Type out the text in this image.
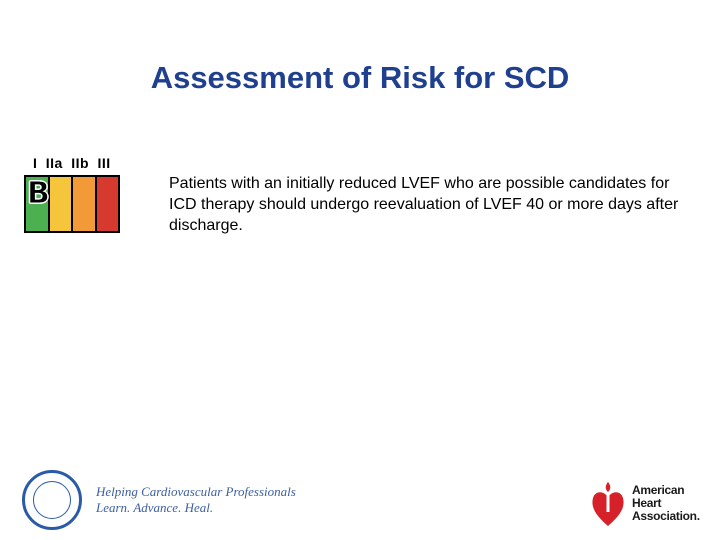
Assessment of Risk for SCD
I IIa IIb III
B	Patients with an initially reduced LVEF who are possible candidates for ICD therapy should undergo reevaluation of LVEF 40 or more days after discharge.
Helping Cardiovascular Professionals
Learn. Advance. Heal.
American
Heart
Association.
